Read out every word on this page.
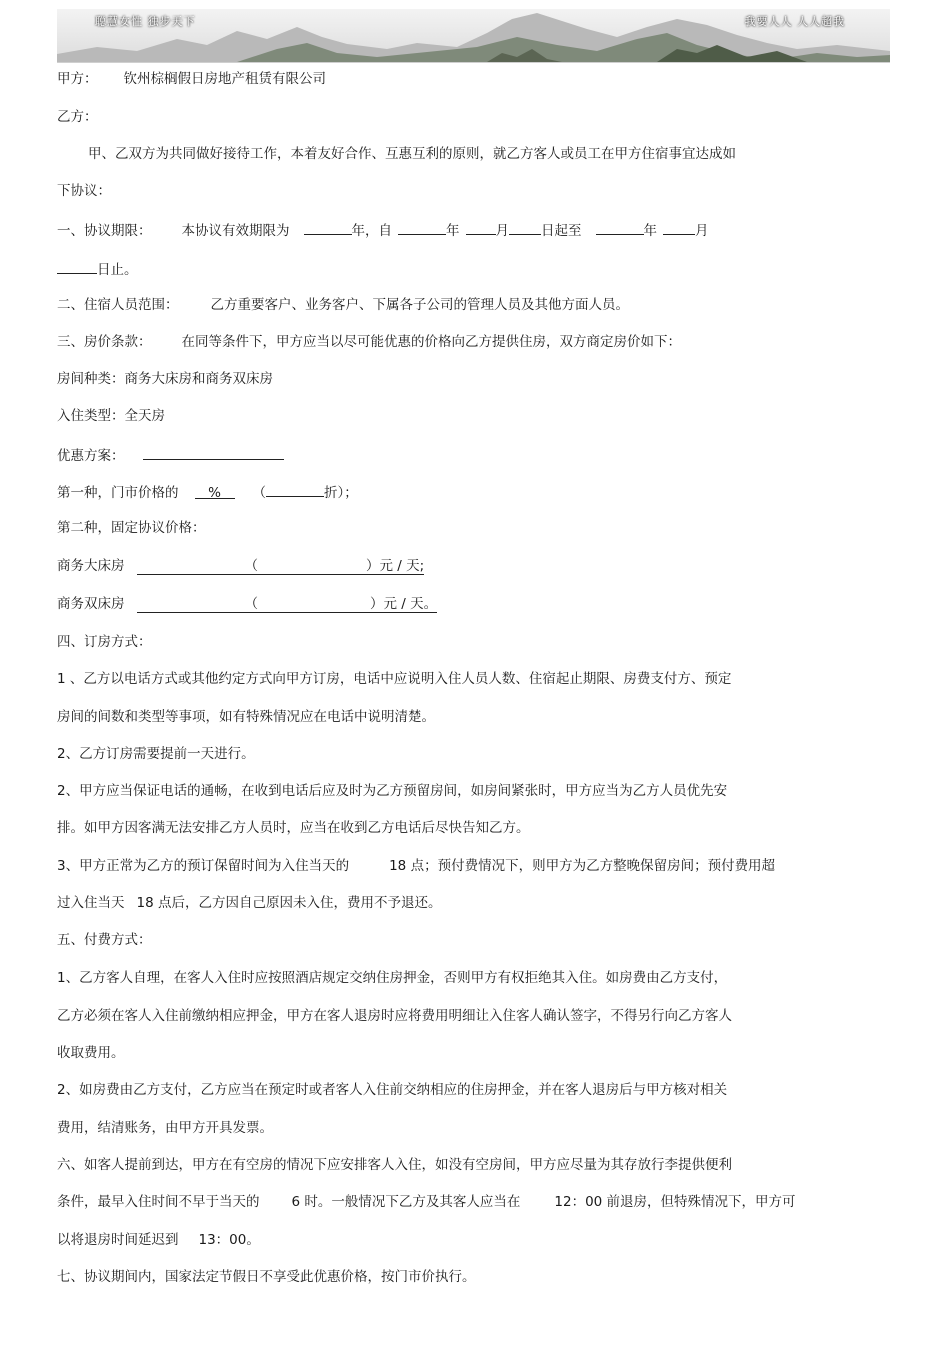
聪慧女性 独步天下	我要人人 人人超我
甲方： 钦州棕榈假日房地产租赁有限公司
乙方：
甲、乙双方为共同做好接待工作，本着友好合作、互惠互利的原则，就乙方客人或员工在甲方住宿事宜达成如
下协议：
一、协议期限： 本协议有效期限为	年，自	年	月 日起至	年	月
日止。
二、住宿人员范围： 乙方重要客户、业务客户、下属各子公司的管理人员及其他方面人员。
三、房价条款： 在同等条件下，甲方应当以尽可能优惠的价格向乙方提供住房，双方商定房价如下：
房间种类：商务大床房和商务双床房
入住类型：全天房
优惠方案：
第一种，门市价格的 % （	折）；
第二种，固定协议价格：
商务大床房	（	）元 / 天;
商务双床房	（	）元 / 天。
四、订房方式：
1 、乙方以电话方式或其他约定方式向甲方订房，电话中应说明入住人员人数、住宿起止期限、房费支付方、预定
房间的间数和类型等事项，如有特殊情况应在电话中说明清楚。
2、乙方订房需要提前一天进行。
2、甲方应当保证电话的通畅，在收到电话后应及时为乙方预留房间，如房间紧张时，甲方应当为乙方人员优先安
排。如甲方因客满无法安排乙方人员时，应当在收到乙方电话后尽快告知乙方。
3、甲方正常为乙方的预订保留时间为入住当天的	18 点；预付费情况下，则甲方为乙方整晚保留房间；预付费用超
过入住当天 18 点后，乙方因自己原因未入住，费用不予退还。
五、付费方式：
1、乙方客人自理，在客人入住时应按照酒店规定交纳住房押金，否则甲方有权拒绝其入住。如房费由乙方支付，
乙方必须在客人入住前缴纳相应押金，甲方在客人退房时应将费用明细让入住客人确认签字，不得另行向乙方客人
收取费用。
2、如房费由乙方支付，乙方应当在预定时或者客人入住前交纳相应的住房押金，并在客人退房后与甲方核对相关
费用，结清账务，由甲方开具发票。
六、如客人提前到达，甲方在有空房的情况下应安排客人入住，如没有空房间，甲方应尽量为其存放行李提供便利
条件，最早入住时间不早于当天的 6 时。一般情况下乙方及其客人应当在	12：00 前退房，但特殊情况下，甲方可
以将退房时间延迟到 13：00。
七、协议期间内，国家法定节假日不享受此优惠价格，按门市价执行。
